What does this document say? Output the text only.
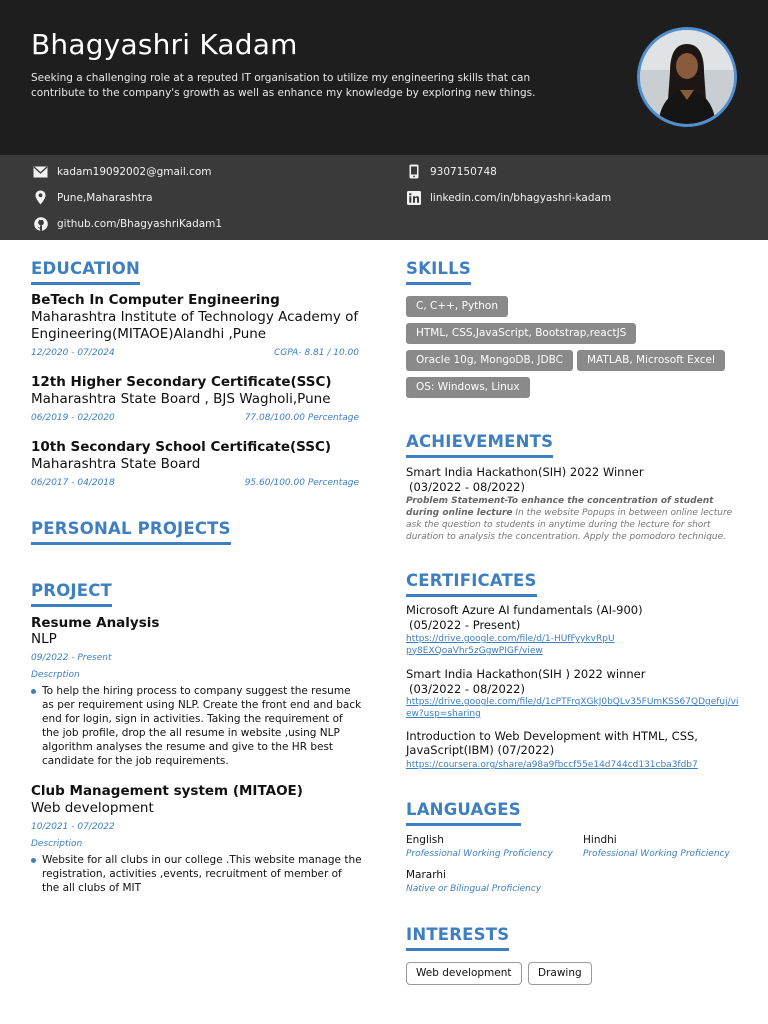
Bhagyashri Kadam

Seeking a challenging role at a reputed IT organisation to utilize my engineering skills that can contribute to the company's growth as well as enhance my knowledge by exploring new things.

kadam19092002@gmail.com	9307150748
Pune,Maharashtra	linkedin.com/in/bhagyashri-kadam
github.com/BhagyashriKadam1
EDUCATION
BeTech In Computer Engineering
Maharashtra Institute of Technology Academy of Engineering(MITAOE)Alandhi ,Pune
12/2020 - 07/2024	CGPA- 8.81 / 10.00
12th Higher Secondary Certificate(SSC)
Maharashtra State Board , BJS Wagholi,Pune
06/2019 - 02/2020	77.08/100.00 Percentage
10th Secondary School Certificate(SSC)
Maharashtra State Board
06/2017 - 04/2018	95.60/100.00 Percentage
PERSONAL PROJECTS
PROJECT
Resume Analysis
NLP
09/2022 - Present
Descrption
To help the hiring process to company suggest the resume as per requirement using NLP. Create the front end and back end for login, sign in activities. Taking the requirement of the job profile, drop the all resume in website ,using NLP algorithm analyses the resume and give to the HR best candidate for the job requirements.
Club Management system (MITAOE)
Web development
10/2021 - 07/2022
Description
Website for all clubs in our college .This website manage the registration, activities ,events, recruitment of member of the all clubs of MIT
SKILLS
C, C++, Python
HTML, CSS,JavaScript, Bootstrap,reactJS
Oracle 10g, MongoDB, JDBC	MATLAB, Microsoft Excel
OS: Windows, Linux
ACHIEVEMENTS
Smart India Hackathon(SIH) 2022 Winner
(03/2022 - 08/2022)
Problem Statement-To enhance the concentration of student during online lecture In the website Popups in between online lecture ask the question to students in anytime during the lecture for short duration to analysis the concentration. Apply the pomodoro technique.
CERTIFICATES
Microsoft Azure AI fundamentals (AI-900)
(05/2022 - Present)
https://drive.google.com/file/d/1-HUfFyykvRpUpy8EXQoaVhr5zGgwPIGF/view
Smart India Hackathon(SIH ) 2022 winner
(03/2022 - 08/2022)
https://drive.google.com/file/d/1cPTFrqXGkJ0bQLv35FUmKSS67QDgefuj/view?usp=sharing
Introduction to Web Development with HTML, CSS, JavaScript(IBM) (07/2022)
https://coursera.org/share/a98a9fbccf55e14d744cd131cba3fdb7
LANGUAGES
English
Professional Working Proficiency
Hindhi
Professional Working Proficiency
Mararhi
Native or Bilingual Proficiency
INTERESTS
Web development	Drawing
